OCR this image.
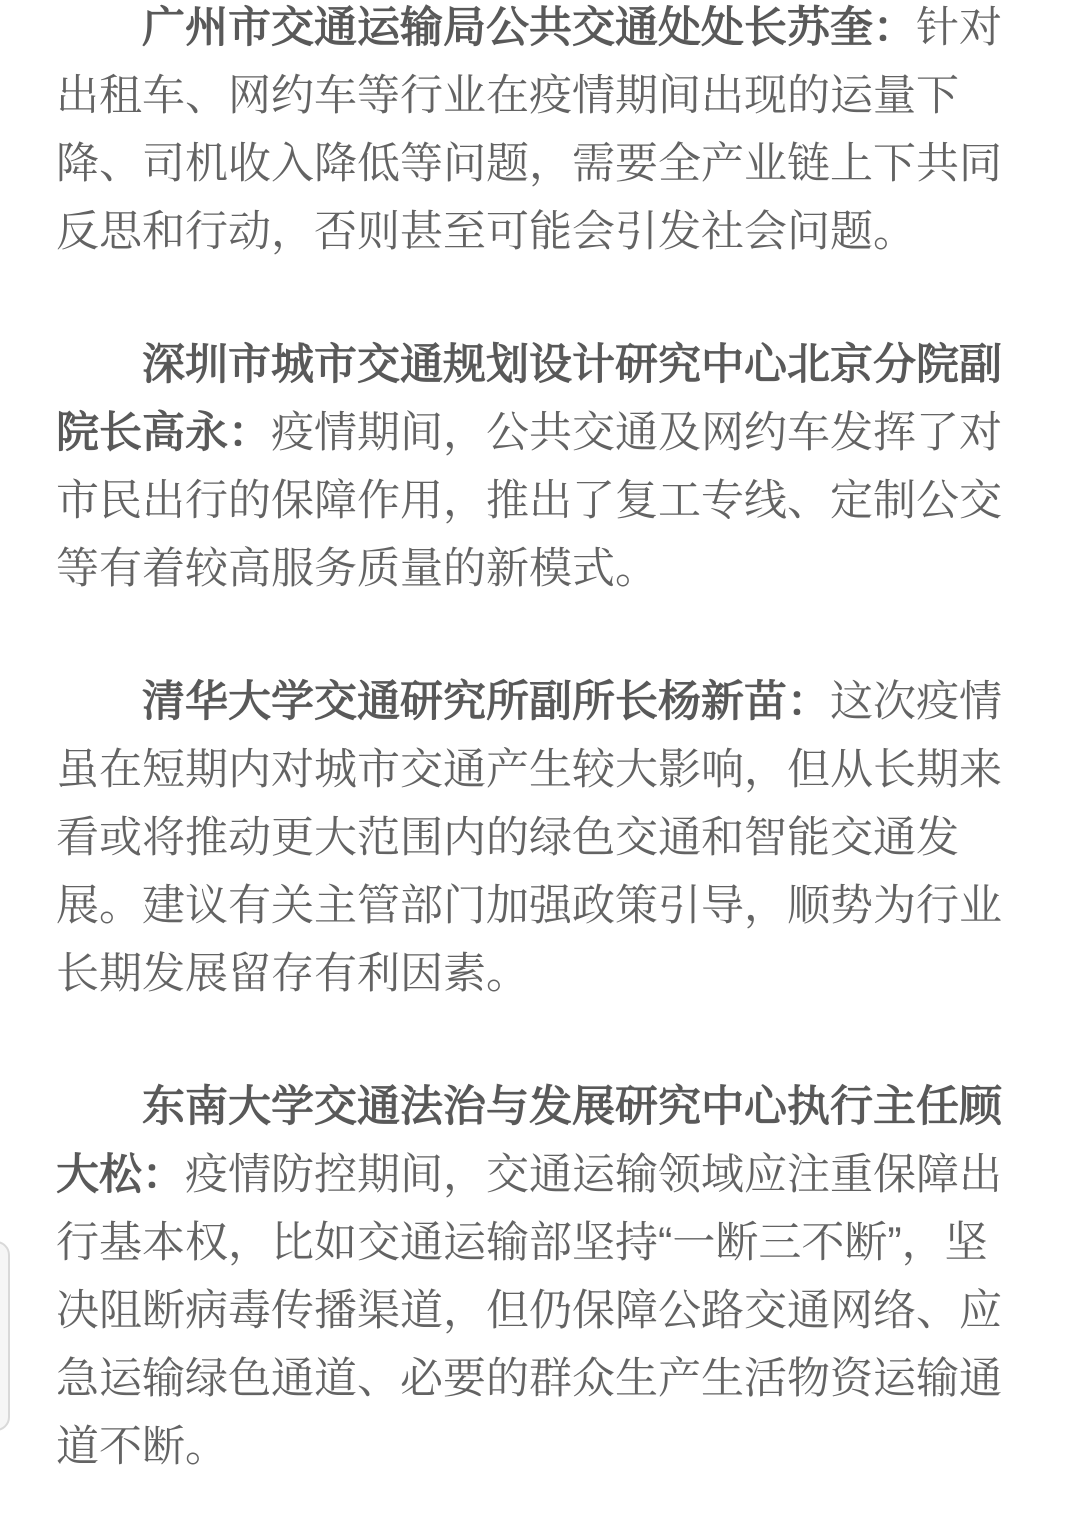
广州市交通运输局公共交通处处长苏奎：针对出租车、网约车等行业在疫情期间出现的运量下降、司机收入降低等问题，需要全产业链上下共同反思和行动，否则甚至可能会引发社会问题。

深圳市城市交通规划设计研究中心北京分院副院长高永：疫情期间，公共交通及网约车发挥了对市民出行的保障作用，推出了复工专线、定制公交等有着较高服务质量的新模式。

清华大学交通研究所副所长杨新苗：这次疫情虽在短期内对城市交通产生较大影响，但从长期来看或将推动更大范围内的绿色交通和智能交通发展。建议有关主管部门加强政策引导，顺势为行业长期发展留存有利因素。

东南大学交通法治与发展研究中心执行主任顾大松：疫情防控期间，交通运输领域应注重保障出行基本权，比如交通运输部坚持“一断三不断”，坚决阻断病毒传播渠道，但仍保障公路交通网络、应急运输绿色通道、必要的群众生产生活物资运输通道不断。
